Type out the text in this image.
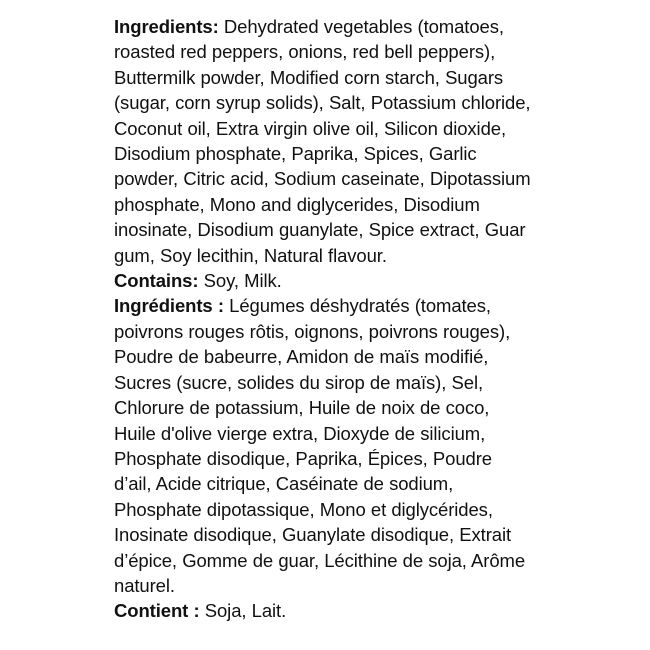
Ingredients: Dehydrated vegetables (tomatoes, roasted red peppers, onions, red bell peppers), Buttermilk powder, Modified corn starch, Sugars (sugar, corn syrup solids), Salt, Potassium chloride, Coconut oil, Extra virgin olive oil, Silicon dioxide, Disodium phosphate, Paprika, Spices, Garlic powder, Citric acid, Sodium caseinate, Dipotassium phosphate, Mono and diglycerides, Disodium inosinate, Disodium guanylate, Spice extract, Guar gum, Soy lecithin, Natural flavour.

Contains: Soy, Milk.

Ingrédients : Légumes déshydratés (tomates, poivrons rouges rôtis, oignons, poivrons rouges), Poudre de babeurre, Amidon de maïs modifié, Sucres (sucre, solides du sirop de maïs), Sel, Chlorure de potassium, Huile de noix de coco, Huile d'olive vierge extra, Dioxyde de silicium, Phosphate disodique, Paprika, Épices, Poudre d’ail, Acide citrique, Caséinate de sodium, Phosphate dipotassique, Mono et diglycérides, Inosinate disodique, Guanylate disodique, Extrait d’épice, Gomme de guar, Lécithine de soja, Arôme naturel.

Contient : Soja, Lait.
